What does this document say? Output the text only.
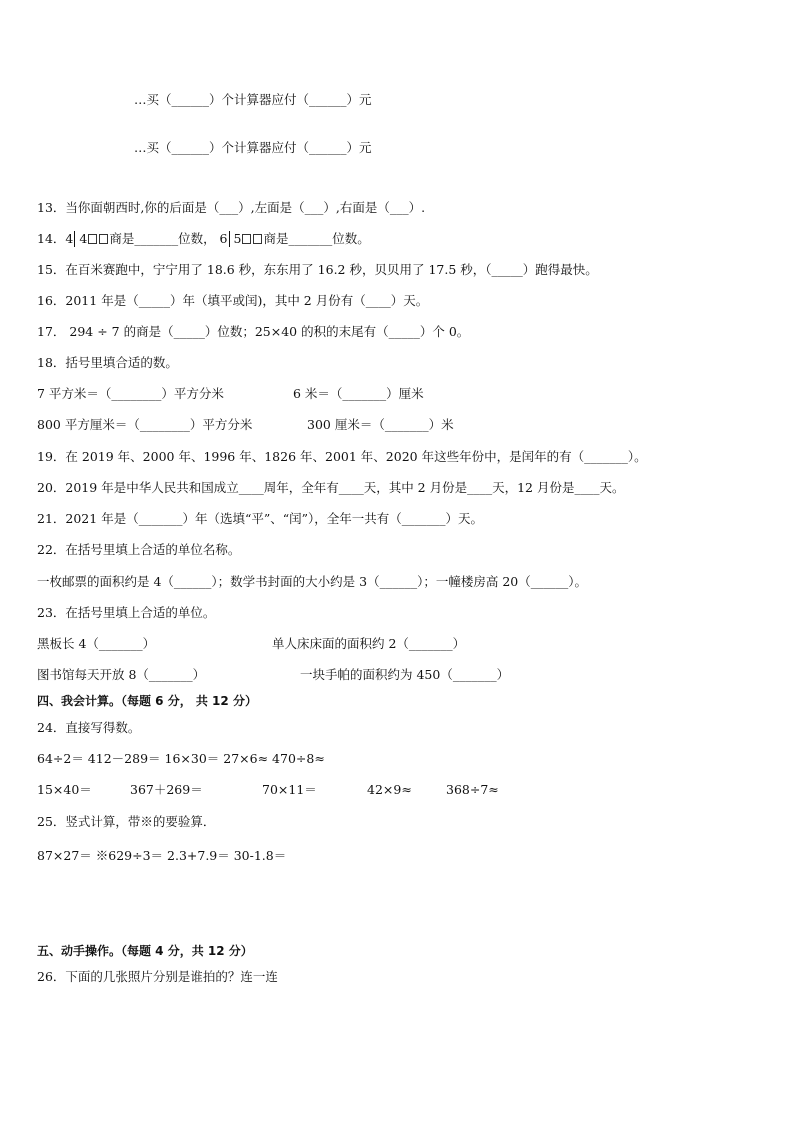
…买（______）个计算器应付（______）元
…买（______）个计算器应付（______）元
13．当你面朝西时,你的后面是（___）,左面是（___）,右面是（___）.
14．4 4 商是_______位数， 6 5 商是_______位数。
15．在百米赛跑中，宁宁用了 18.6 秒，东东用了 16.2 秒，贝贝用了 17.5 秒，（_____）跑得最快。
16．2011 年是（_____）年（填平或闰)，其中 2 月份有（____）天。
17． 294 ÷ 7 的商是（_____）位数；25×40 的积的末尾有（_____）个 0。
18．括号里填合适的数。
7 平方米＝（________）平方分米	6 米＝（_______）厘米
800 平方厘米＝（________）平方分米	300 厘米＝（_______）米
19．在 2019 年、2000 年、1996 年、1826 年、2001 年、2020 年这些年份中，是闰年的有（_______）。
20．2019 年是中华人民共和国成立____周年，全年有____天，其中 2 月份是____天，12 月份是____天。
21．2021 年是（_______）年（选填“平”、“闰”），全年一共有（_______）天。
22．在括号里填上合适的单位名称。
一枚邮票的面积约是 4（______）；数学书封面的大小约是 3（______）；一幢楼房高 20（______）。
23．在括号里填上合适的单位。
黑板长 4（_______）	单人床床面的面积约 2（_______）
图书馆每天开放 8（_______）	一块手帕的面积约为 450（_______）
四、我会计算。（每题 6 分， 共 12 分）
24．直接写得数。
64÷2＝ 412－289＝ 16×30＝ 27×6≈ 470÷8≈
15×40＝	367＋269＝	70×11＝	42×9≈	368÷7≈
25．竖式计算，带※的要验算．
87×27＝ ※629÷3＝ 2.3+7.9＝ 30-1.8＝
五、动手操作。（每题 4 分，共 12 分）
26．下面的几张照片分别是谁拍的？连一连
